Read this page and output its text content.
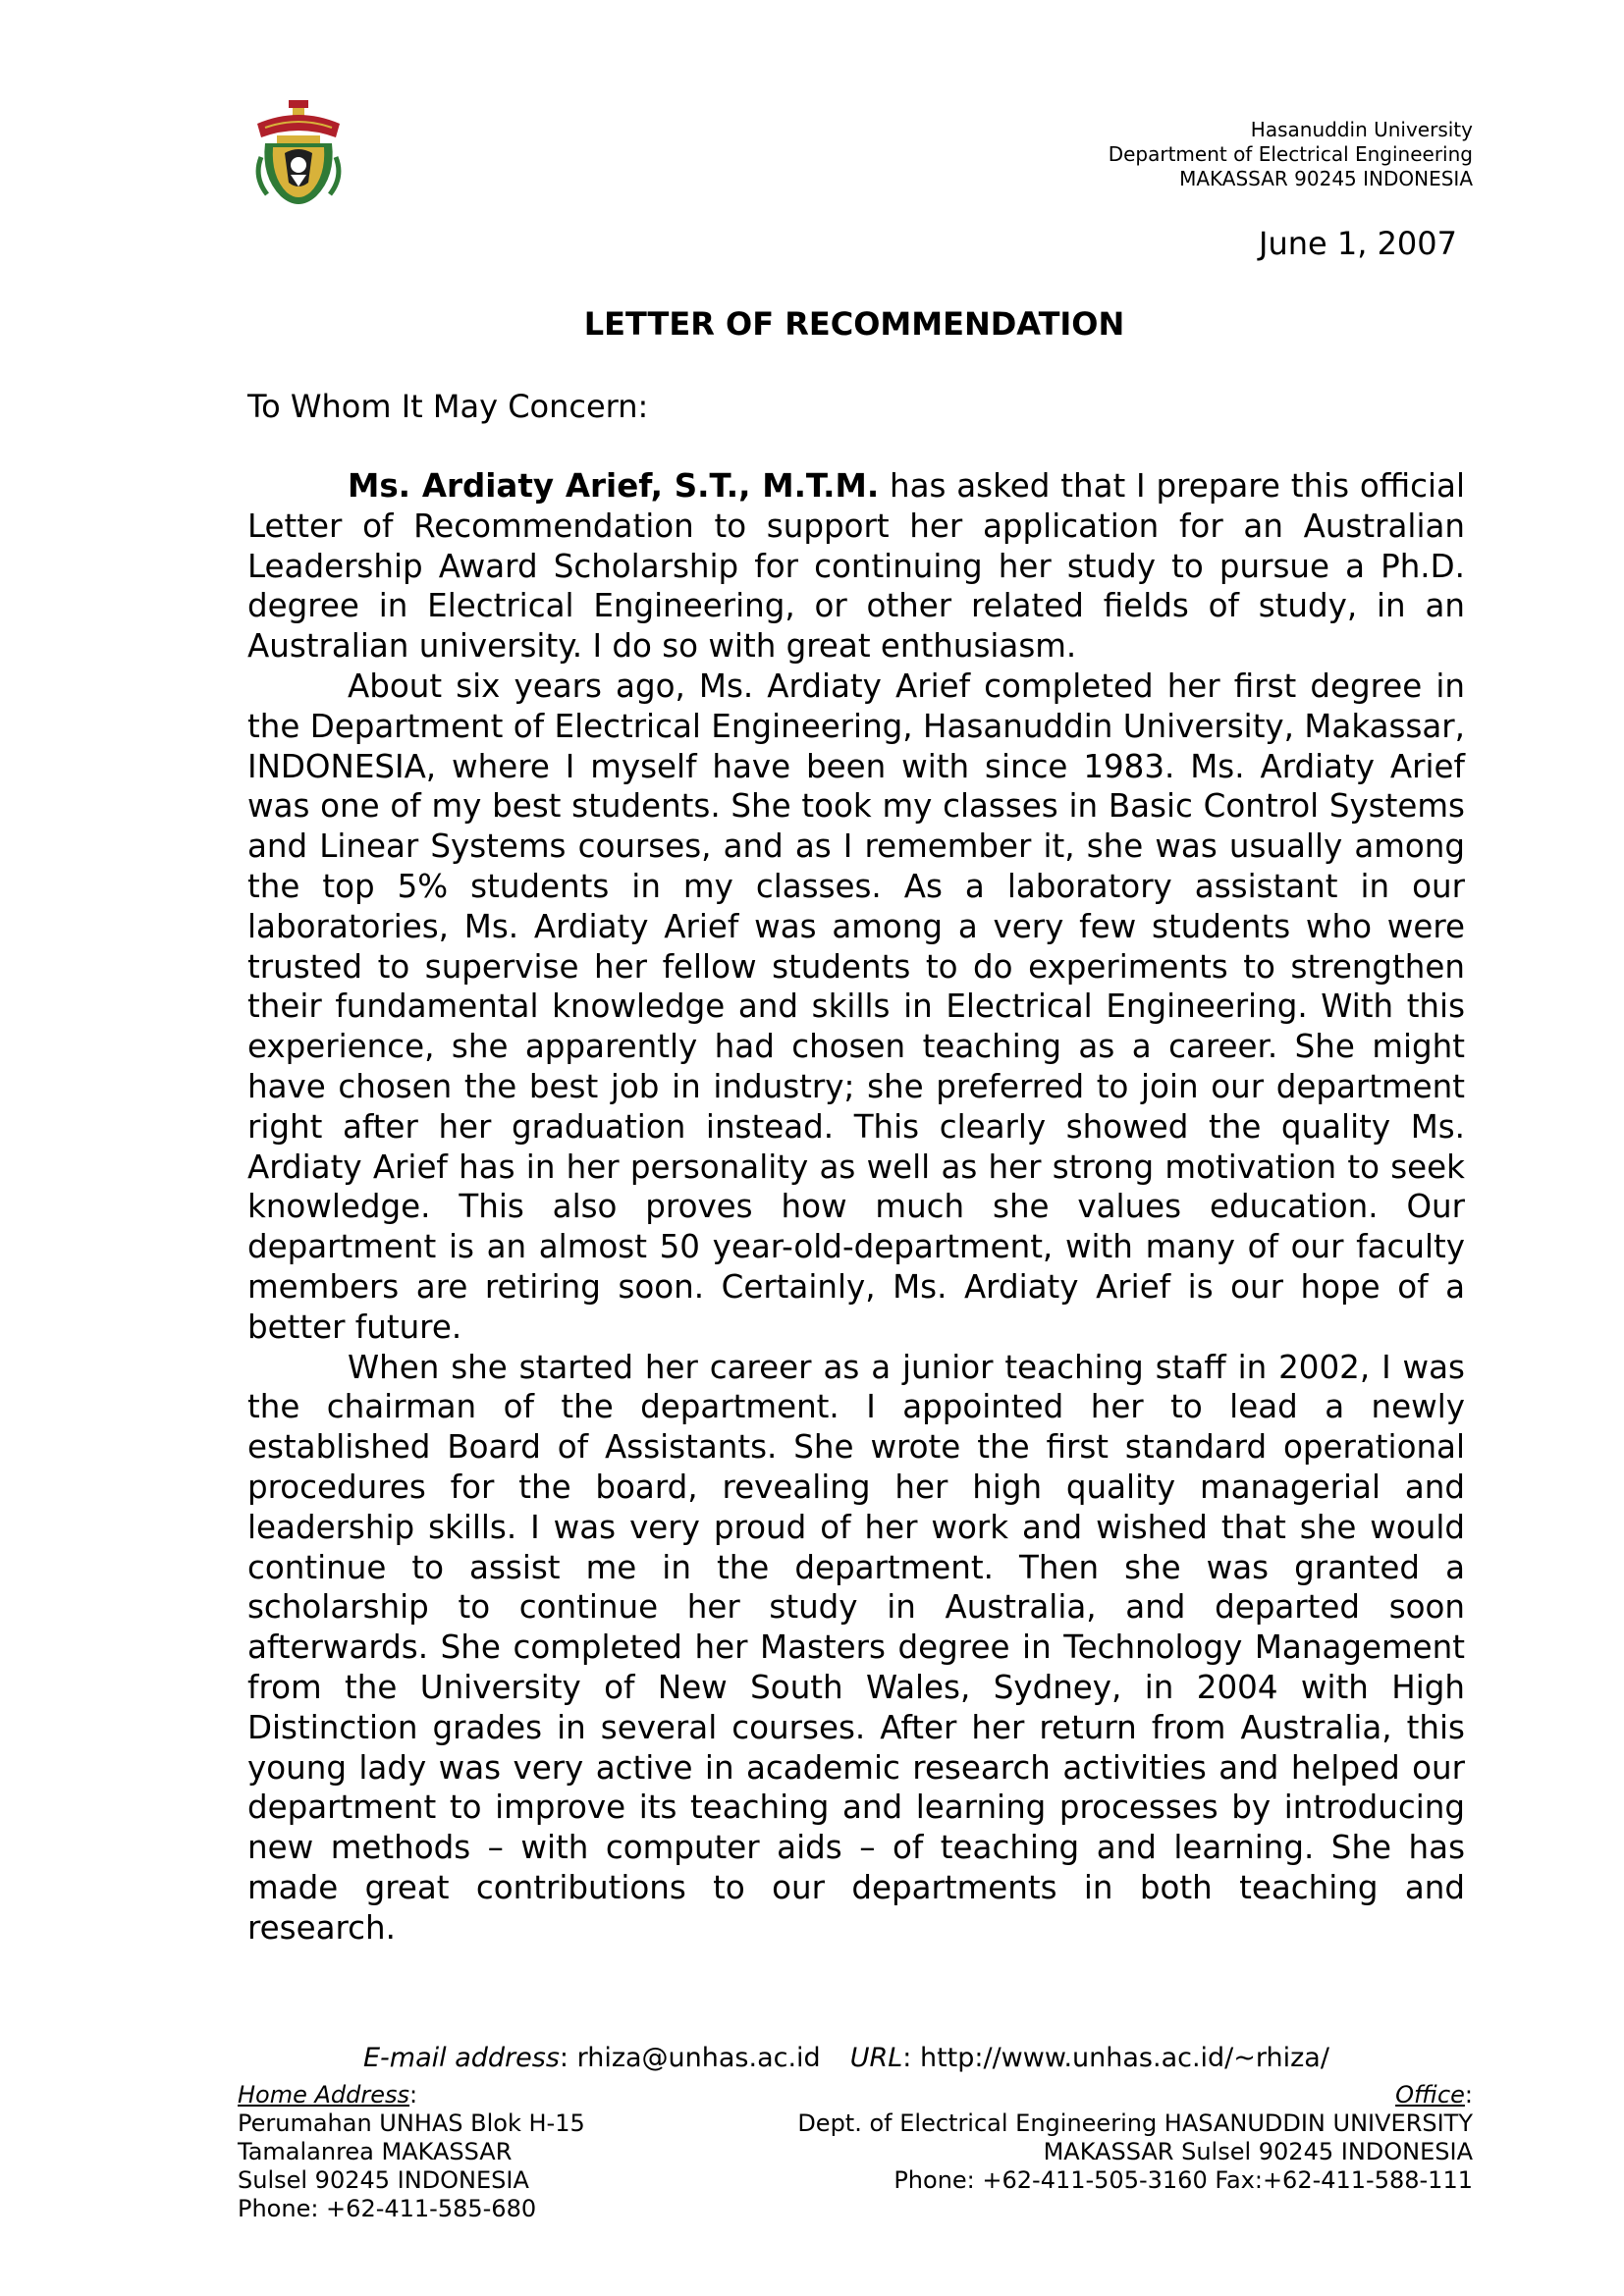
Hasanuddin University
Department of Electrical Engineering
MAKASSAR 90245 INDONESIA
June 1, 2007
LETTER OF RECOMMENDATION
To Whom It May Concern:

Ms. Ardiaty Arief, S.T., M.T.M. has asked that I prepare this official Letter of Recommendation to support her application for an Australian Leadership Award Scholarship for continuing her study to pursue a Ph.D. degree in Electrical Engineering, or other related fields of study, in an Australian university. I do so with great enthusiasm.

About six years ago, Ms. Ardiaty Arief completed her first degree in the Department of Electrical Engineering, Hasanuddin University, Makassar, INDONESIA, where I myself have been with since 1983. Ms. Ardiaty Arief was one of my best students. She took my classes in Basic Control Systems and Linear Systems courses, and as I remember it, she was usually among the top 5% students in my classes. As a laboratory assistant in our laboratories, Ms. Ardiaty Arief was among a very few students who were trusted to supervise her fellow students to do experiments to strengthen their fundamental knowledge and skills in Electrical Engineering. With this experience, she apparently had chosen teaching as a career. She might have chosen the best job in industry; she preferred to join our department right after her graduation instead. This clearly showed the quality Ms. Ardiaty Arief has in her personality as well as her strong motivation to seek knowledge. This also proves how much she values education. Our department is an almost 50 year-old-department, with many of our faculty members are retiring soon. Certainly, Ms. Ardiaty Arief is our hope of a better future.

When she started her career as a junior teaching staff in 2002, I was the chairman of the department. I appointed her to lead a newly established Board of Assistants. She wrote the first standard operational procedures for the board, revealing her high quality managerial and leadership skills. I was very proud of her work and wished that she would continue to assist me in the department. Then she was granted a scholarship to continue her study in Australia, and departed soon afterwards. She completed her Masters degree in Technology Management from the University of New South Wales, Sydney, in 2004 with High Distinction grades in several courses. After her return from Australia, this young lady was very active in academic research activities and helped our department to improve its teaching and learning processes by introducing new methods – with computer aids – of teaching and learning. She has made great contributions to our departments in both teaching and research.

E-mail address: rhiza@unhas.ac.id URL: http://www.unhas.ac.id/~rhiza/
Home Address:
Perumahan UNHAS Blok H-15
Tamalanrea MAKASSAR
Sulsel 90245 INDONESIA
Phone: +62-411-585-680
Office:
Dept. of Electrical Engineering HASANUDDIN UNIVERSITY
MAKASSAR Sulsel 90245 INDONESIA
Phone: +62-411-505-3160 Fax:+62-411-588-111
